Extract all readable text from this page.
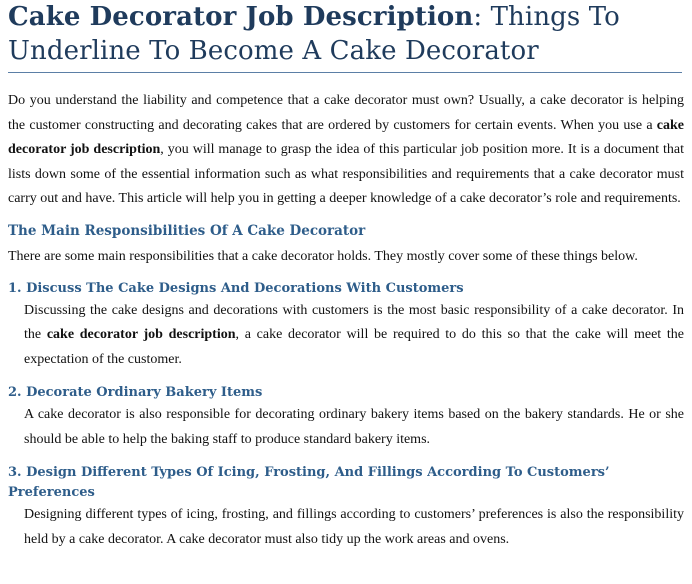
Cake Decorator Job Description: Things To Underline To Become A Cake Decorator

Do you understand the liability and competence that a cake decorator must own? Usually, a cake decorator is helping the customer constructing and decorating cakes that are ordered by customers for certain events. When you use a cake decorator job description, you will manage to grasp the idea of this particular job position more. It is a document that lists down some of the essential information such as what responsibilities and requirements that a cake decorator must carry out and have. This article will help you in getting a deeper knowledge of a cake decorator’s role and requirements.

The Main Responsibilities Of A Cake Decorator

There are some main responsibilities that a cake decorator holds. They mostly cover some of these things below.

1. Discuss The Cake Designs And Decorations With Customers

Discussing the cake designs and decorations with customers is the most basic responsibility of a cake decorator. In the cake decorator job description, a cake decorator will be required to do this so that the cake will meet the expectation of the customer.

2. Decorate Ordinary Bakery Items

A cake decorator is also responsible for decorating ordinary bakery items based on the bakery standards. He or she should be able to help the baking staff to produce standard bakery items.

3. Design Different Types Of Icing, Frosting, And Fillings According To Customers’ Preferences

Designing different types of icing, frosting, and fillings according to customers’ preferences is also the responsibility held by a cake decorator. A cake decorator must also tidy up the work areas and ovens.
